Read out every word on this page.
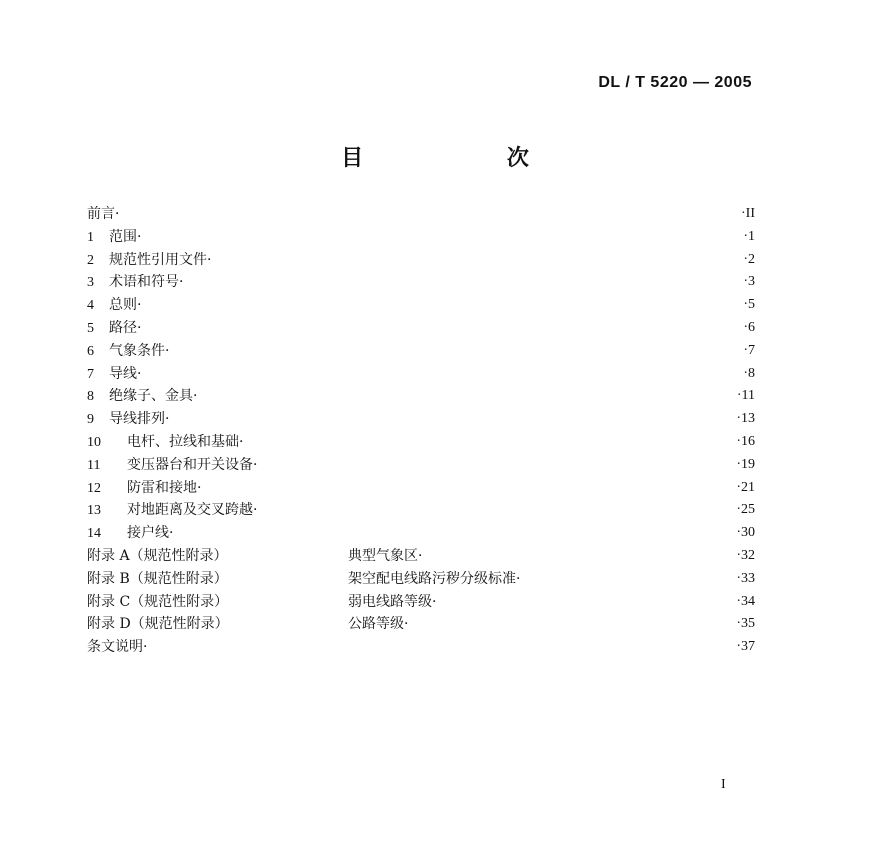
DL / T 5220 — 2005
目 次
前言·	·II
1 范围·	·1
2 规范性引用文件·	·2
3 术语和符号·	·3
4 总则·	·5
5 路径·	·6
6 气象条件·	·7
7 导线·	·8
8 绝缘子、金具·	·11
9 导线排列·	·13
10 电杆、拉线和基础·	·16
11 变压器台和开关设备·	·19
12 防雷和接地·	·21
13 对地距离及交叉跨越·	·25
14 接户线·	·30
附录 A（规范性附录）	典型气象区·	·32
附录 B（规范性附录）	架空配电线路污秽分级标准·	·33
附录 C（规范性附录）	弱电线路等级·	·34
附录 D（规范性附录）	公路等级·	·35
条文说明·	·37
I
